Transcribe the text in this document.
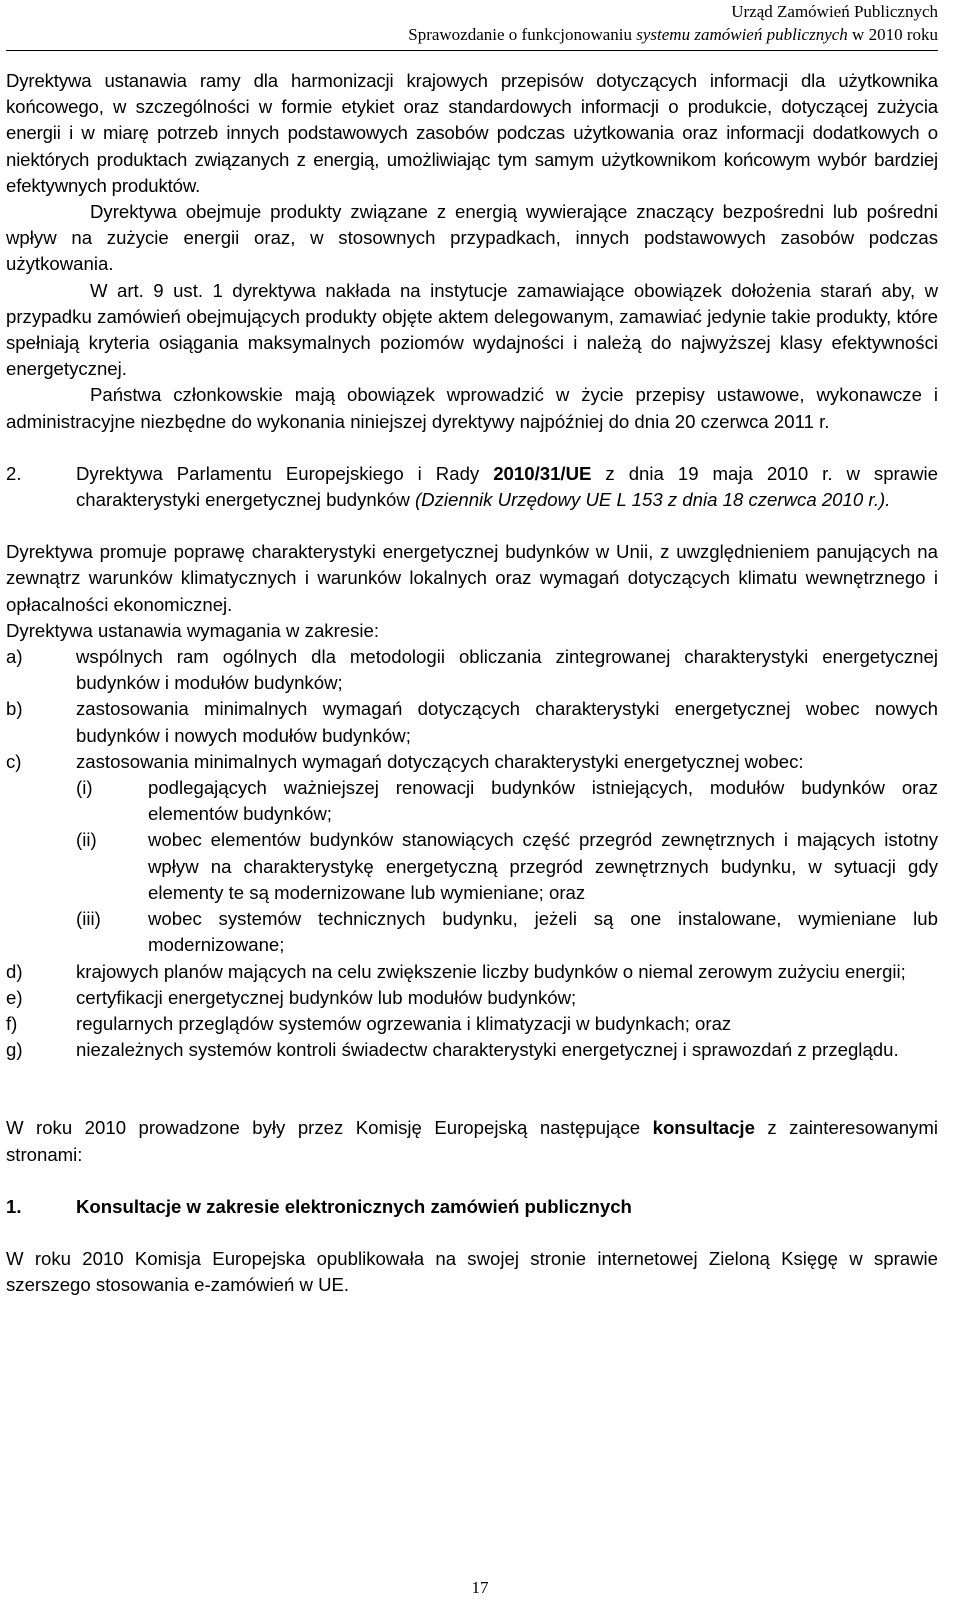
Urząd Zamówień Publicznych
Sprawozdanie o funkcjonowaniu systemu zamówień publicznych w 2010 roku

Dyrektywa ustanawia ramy dla harmonizacji krajowych przepisów dotyczących informacji dla użytkownika końcowego, w szczególności w formie etykiet oraz standardowych informacji o produkcie, dotyczącej zużycia energii i w miarę potrzeb innych podstawowych zasobów podczas użytkowania oraz informacji dodatkowych o niektórych produktach związanych z energią, umożliwiając tym samym użytkownikom końcowym wybór bardziej efektywnych produktów.

Dyrektywa obejmuje produkty związane z energią wywierające znaczący bezpośredni lub pośredni wpływ na zużycie energii oraz, w stosownych przypadkach, innych podstawowych zasobów podczas użytkowania.

W art. 9 ust. 1 dyrektywa nakłada na instytucje zamawiające obowiązek dołożenia starań aby, w przypadku zamówień obejmujących produkty objęte aktem delegowanym, zamawiać jedynie takie produkty, które spełniają kryteria osiągania maksymalnych poziomów wydajności i należą do najwyższej klasy efektywności energetycznej.

Państwa członkowskie mają obowiązek wprowadzić w życie przepisy ustawowe, wykonawcze i administracyjne niezbędne do wykonania niniejszej dyrektywy najpóźniej do dnia 20 czerwca 2011 r.

2.	Dyrektywa Parlamentu Europejskiego i Rady 2010/31/UE z dnia 19 maja 2010 r. w sprawie charakterystyki energetycznej budynków (Dziennik Urzędowy UE L 153 z dnia 18 czerwca 2010 r.).

Dyrektywa promuje poprawę charakterystyki energetycznej budynków w Unii, z uwzględnieniem panujących na zewnątrz warunków klimatycznych i warunków lokalnych oraz wymagań dotyczących klimatu wewnętrznego i opłacalności ekonomicznej.

Dyrektywa ustanawia wymagania w zakresie:

a)	wspólnych ram ogólnych dla metodologii obliczania zintegrowanej charakterystyki energetycznej budynków i modułów budynków;
b)	zastosowania minimalnych wymagań dotyczących charakterystyki energetycznej wobec nowych budynków i nowych modułów budynków;
c)	zastosowania minimalnych wymagań dotyczących charakterystyki energetycznej wobec:
(i)	podlegających ważniejszej renowacji budynków istniejących, modułów budynków oraz elementów budynków;
(ii)	wobec elementów budynków stanowiących część przegród zewnętrznych i mających istotny wpływ na charakterystykę energetyczną przegród zewnętrznych budynku, w sytuacji gdy elementy te są modernizowane lub wymieniane; oraz
(iii)	wobec systemów technicznych budynku, jeżeli są one instalowane, wymieniane lub modernizowane;
d)	krajowych planów mających na celu zwiększenie liczby budynków o niemal zerowym zużyciu energii;
e)	certyfikacji energetycznej budynków lub modułów budynków;
f)	regularnych przeglądów systemów ogrzewania i klimatyzacji w budynkach; oraz
g)	niezależnych systemów kontroli świadectw charakterystyki energetycznej i sprawozdań z przeglądu.

W roku 2010 prowadzone były przez Komisję Europejską następujące konsultacje z zainteresowanymi stronami:

1.	Konsultacje w zakresie elektronicznych zamówień publicznych

W roku 2010 Komisja Europejska opublikowała na swojej stronie internetowej Zieloną Księgę w sprawie szerszego stosowania e-zamówień w UE.

17
